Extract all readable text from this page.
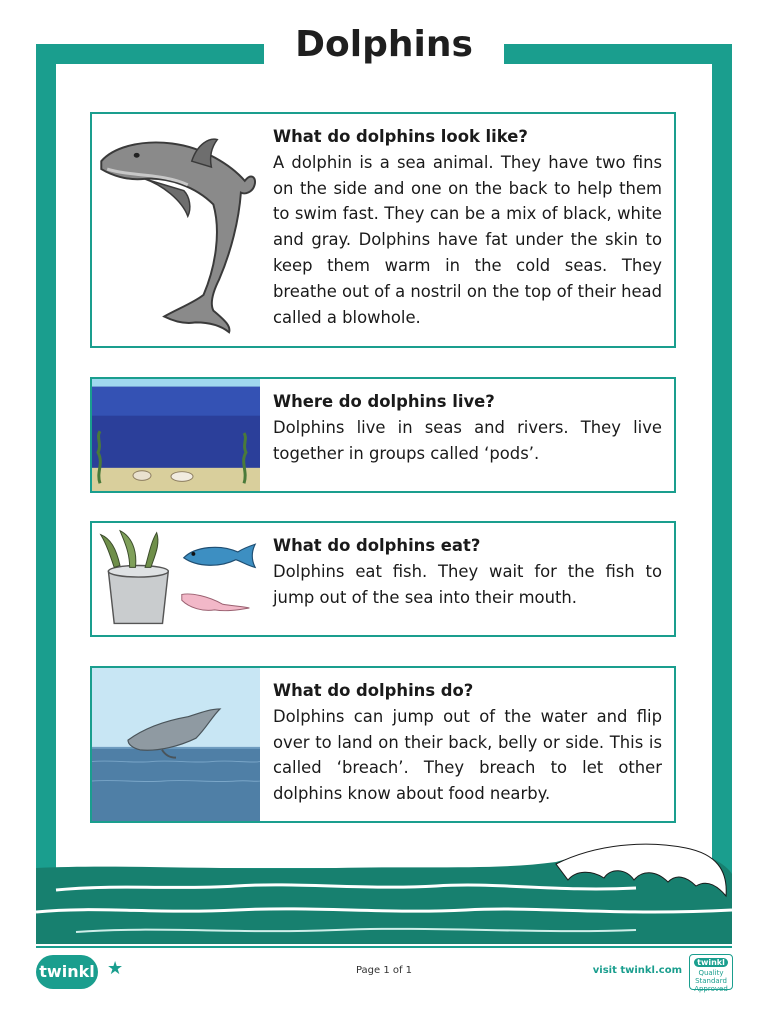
Dolphins
What do dolphins look like?

A dolphin is a sea animal. They have two fins on the side and one on the back to help them to swim fast. They can be a mix of black, white and gray. Dolphins have fat under the skin to keep them warm in the cold seas. They breathe out of a nostril on the top of their head called a blowhole.

Where do dolphins live?

Dolphins live in seas and rivers. They live together in groups called ‘pods’.

What do dolphins eat?

Dolphins eat fish. They wait for the fish to jump out of the sea into their mouth.

What do dolphins do?

Dolphins can jump out of the water and flip over to land on their back, belly or side. This is called ‘breach’. They breach to let other dolphins know about food nearby.

twinkl ★	Page 1 of 1	visit twinkl.com
twinkl
Quality Standard Approved
